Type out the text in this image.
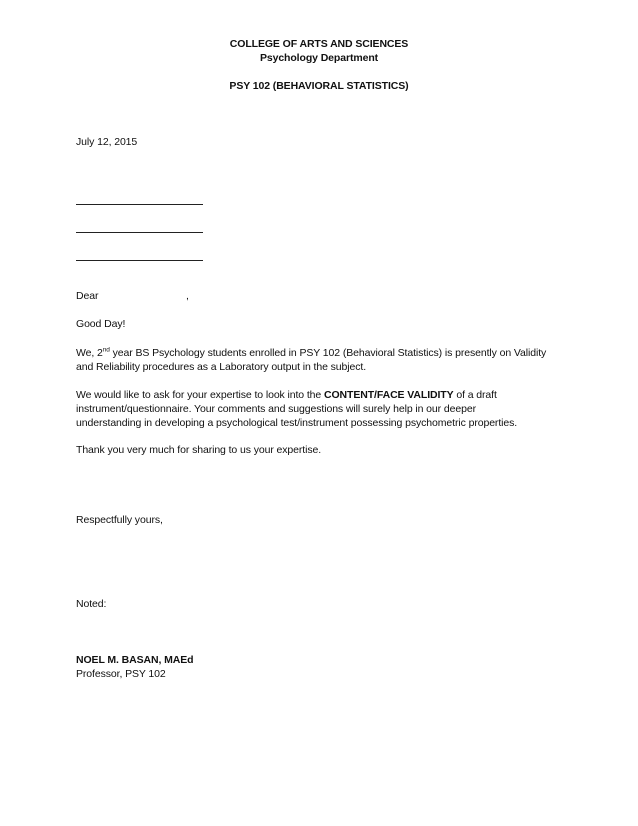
COLLEGE OF ARTS AND SCIENCES
Psychology Department
PSY 102 (BEHAVIORAL STATISTICS)
July 12, 2015
Dear	,
Good Day!

We, 2nd year BS Psychology students enrolled in PSY 102 (Behavioral Statistics) is presently on Validity

and Reliability procedures as a Laboratory output in the subject.

We would like to ask for your expertise to look into the CONTENT/FACE VALIDITY of a draft

instrument/questionnaire. Your comments and suggestions will surely help in our deeper

understanding in developing a psychological test/instrument possessing psychometric properties.

Thank you very much for sharing to us your expertise.
Respectfully yours,
Noted:
NOEL M. BASAN, MAEd
Professor, PSY 102
